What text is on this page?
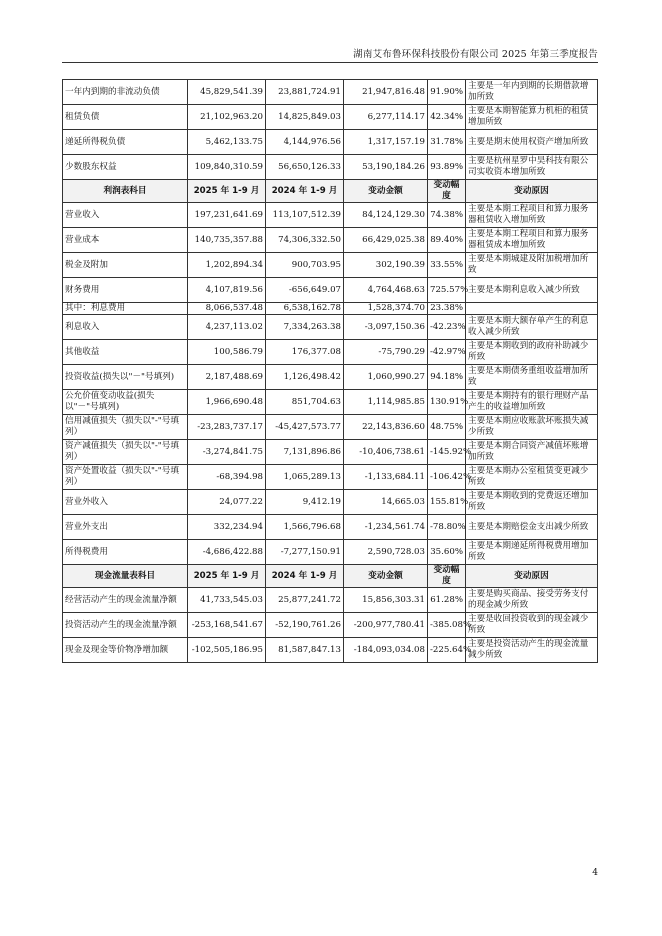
湖南艾布鲁环保科技股份有限公司 2025 年第三季度报告
一年内到期的非流动负债	45,829,541.39	23,881,724.91	21,947,816.48	91.90%	主要是一年内到期的长期借款增加所致
租赁负债	21,102,963.20	14,825,849.03	6,277,114.17	42.34%	主要是本期智能算力机柜的租赁增加所致
递延所得税负债	5,462,133.75	4,144,976.56	1,317,157.19	31.78%	主要是期末使用权资产增加所致
少数股东权益	109,840,310.59	56,650,126.33	53,190,184.26	93.89%	主要是杭州星罗中昊科技有限公司实收资本增加所致
利润表科目	2025 年 1-9 月	2024 年 1-9 月	变动金额	变动幅度	变动原因
营业收入	197,231,641.69	113,107,512.39	84,124,129.30	74.38%	主要是本期工程项目和算力服务器租赁收入增加所致
营业成本	140,735,357.88	74,306,332.50	66,429,025.38	89.40%	主要是本期工程项目和算力服务器租赁成本增加所致
税金及附加	1,202,894.34	900,703.95	302,190.39	33.55%	主要是本期城建及附加税增加所致
财务费用	4,107,819.56	-656,649.07	4,764,468.63	725.57%	主要是本期利息收入减少所致
其中：利息费用	8,066,537.48	6,538,162.78	1,528,374.70	23.38%	
利息收入	4,237,113.02	7,334,263.38	-3,097,150.36	-42.23%	主要是本期大额存单产生的利息收入减少所致
其他收益	100,586.79	176,377.08	-75,790.29	-42.97%	主要是本期收到的政府补助减少所致
投资收益(损失以"－"号填列)	2,187,488.69	1,126,498.42	1,060,990.27	94.18%	主要是本期债务重组收益增加所致
公允价值变动收益(损失以"－"号填列)	1,966,690.48	851,704.63	1,114,985.85	130.91%	主要是本期持有的银行理财产品产生的收益增加所致
信用减值损失（损失以"-"号填列）	-23,283,737.17	-45,427,573.77	22,143,836.60	48.75%	主要是本期应收账款坏账损失减少所致
资产减值损失（损失以"-"号填列）	-3,274,841.75	7,131,896.86	-10,406,738.61	-145.92%	主要是本期合同资产减值坏账增加所致
资产处置收益（损失以"-"号填列）	-68,394.98	1,065,289.13	-1,133,684.11	-106.42%	主要是本期办公室租赁变更减少所致
营业外收入	24,077.22	9,412.19	14,665.03	155.81%	主要是本期收到的党费返还增加所致
营业外支出	332,234.94	1,566,796.68	-1,234,561.74	-78.80%	主要是本期赔偿金支出减少所致
所得税费用	-4,686,422.88	-7,277,150.91	2,590,728.03	35.60%	主要是本期递延所得税费用增加所致
现金流量表科目	2025 年 1-9 月	2024 年 1-9 月	变动金额	变动幅度	变动原因
经营活动产生的现金流量净额	41,733,545.03	25,877,241.72	15,856,303.31	61.28%	主要是购买商品、接受劳务支付的现金减少所致
投资活动产生的现金流量净额	-253,168,541.67	-52,190,761.26	-200,977,780.41	-385.08%	主要是收回投资收到的现金减少所致
现金及现金等价物净增加额	-102,505,186.95	81,587,847.13	-184,093,034.08	-225.64%	主要是投资活动产生的现金流量减少所致
4
